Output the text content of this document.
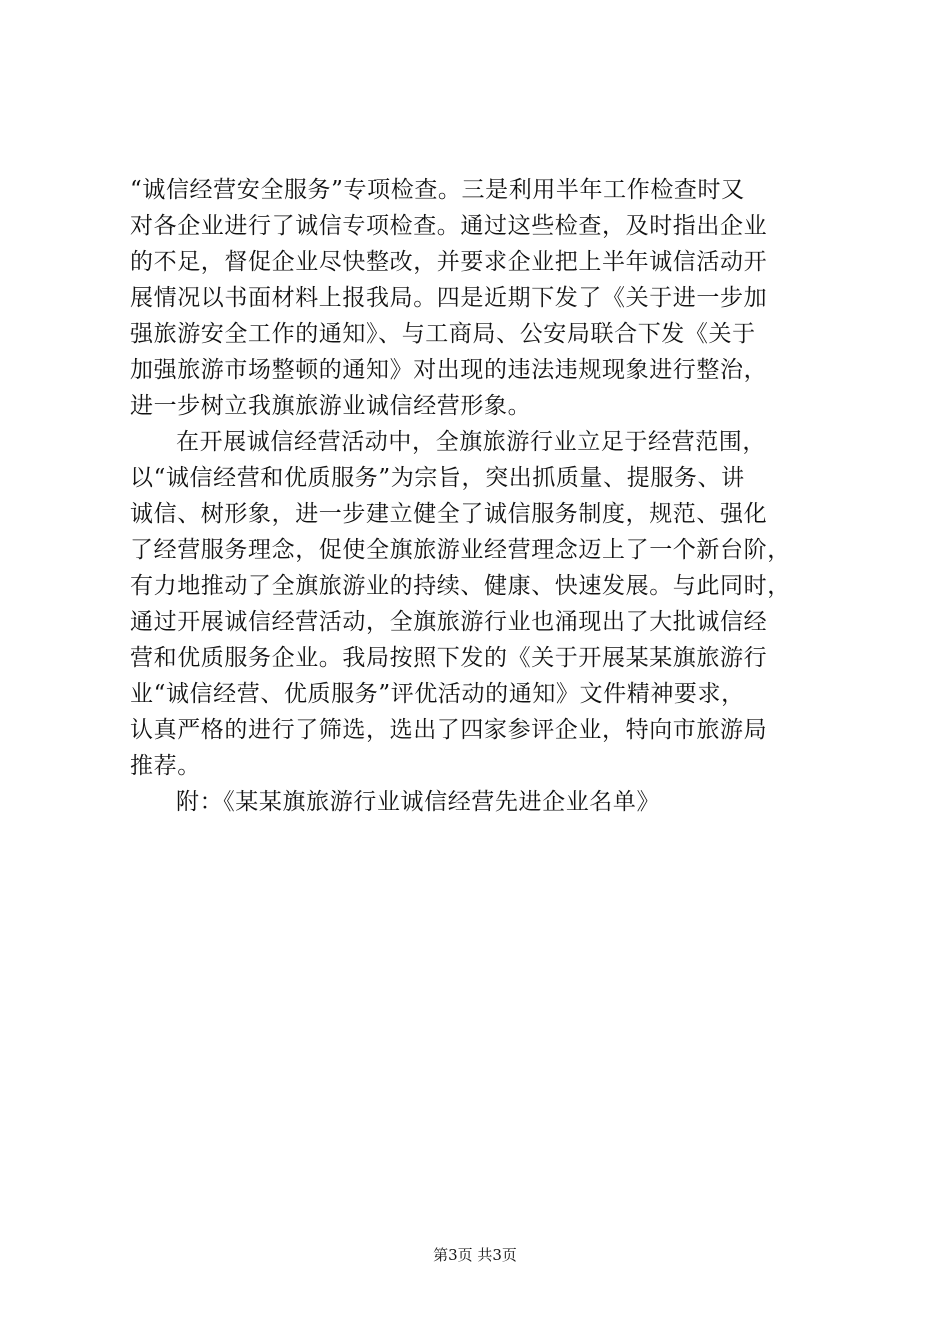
“诚信经营安全服务”专项检查。三是利用半年工作检查时又
对各企业进行了诚信专项检查。通过这些检查，及时指出企业
的不足，督促企业尽快整改，并要求企业把上半年诚信活动开
展情况以书面材料上报我局。四是近期下发了《关于进一步加
强旅游安全工作的通知》、与工商局、公安局联合下发《关于
加强旅游市场整顿的通知》对出现的违法违规现象进行整治，
进一步树立我旗旅游业诚信经营形象。
在开展诚信经营活动中，全旗旅游行业立足于经营范围，
以“诚信经营和优质服务”为宗旨，突出抓质量、提服务、讲
诚信、树形象，进一步建立健全了诚信服务制度，规范、强化
了经营服务理念，促使全旗旅游业经营理念迈上了一个新台阶，
有力地推动了全旗旅游业的持续、健康、快速发展。与此同时，
通过开展诚信经营活动，全旗旅游行业也涌现出了大批诚信经
营和优质服务企业。我局按照下发的《关于开展某某旗旅游行
业“诚信经营、优质服务”评优活动的通知》文件精神要求，
认真严格的进行了筛选，选出了四家参评企业，特向市旅游局
推荐。
附：《某某旗旅游行业诚信经营先进企业名单》
第3页 共3页
